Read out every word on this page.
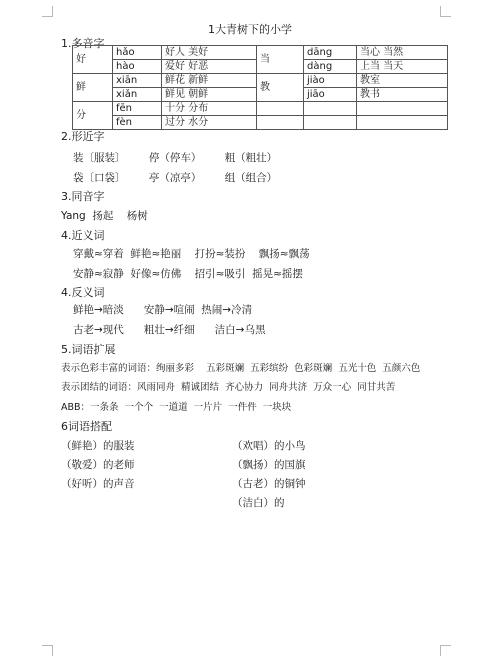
1大青树下的小学
1.多音字
好	hǎo	好人 美好	当	dāng	当心 当然
	hào	爱好 好恶		dàng	上当 当天
鲜	xiān	鲜花 新鲜	教	jiào	教室
	xiǎn	鲜见 朝鲜		jiāo	教书
分	fēn	十分 分布			
	fèn	过分 水分			
2.形近字
装〔服装〕 停（停车） 粗（粗壮）
袋〔口袋〕 亭（凉亭） 组（组合）
3.同音字
Yang  扬起    杨树
4.近义词
穿戴≈穿着  鲜艳≈艳丽    打扮≈装扮    飘扬≈飘荡
安静≈寂静  好像≈仿佛    招引≈吸引  摇晃≈摇摆
4.反义词
鲜艳→暗淡      安静→喧闹  热闹→冷清
古老→现代      粗壮→纤细      洁白→乌黑
5.词语扩展
表示色彩丰富的词语：绚丽多彩    五彩斑斓  五彩缤纷  色彩斑斓  五光十色  五颜六色
表示团结的词语：风雨同舟  精诚团结  齐心协力  同舟共济  万众一心  同甘共苦
ABB：一条条  一个个  一道道  一片片  一件件  一块块
6词语搭配
（鲜艳）的服装
（敬爱）的老师
（好听）的声音
（欢唱）的小鸟
（飘扬）的国旗
（古老）的铜钟
（洁白）的
